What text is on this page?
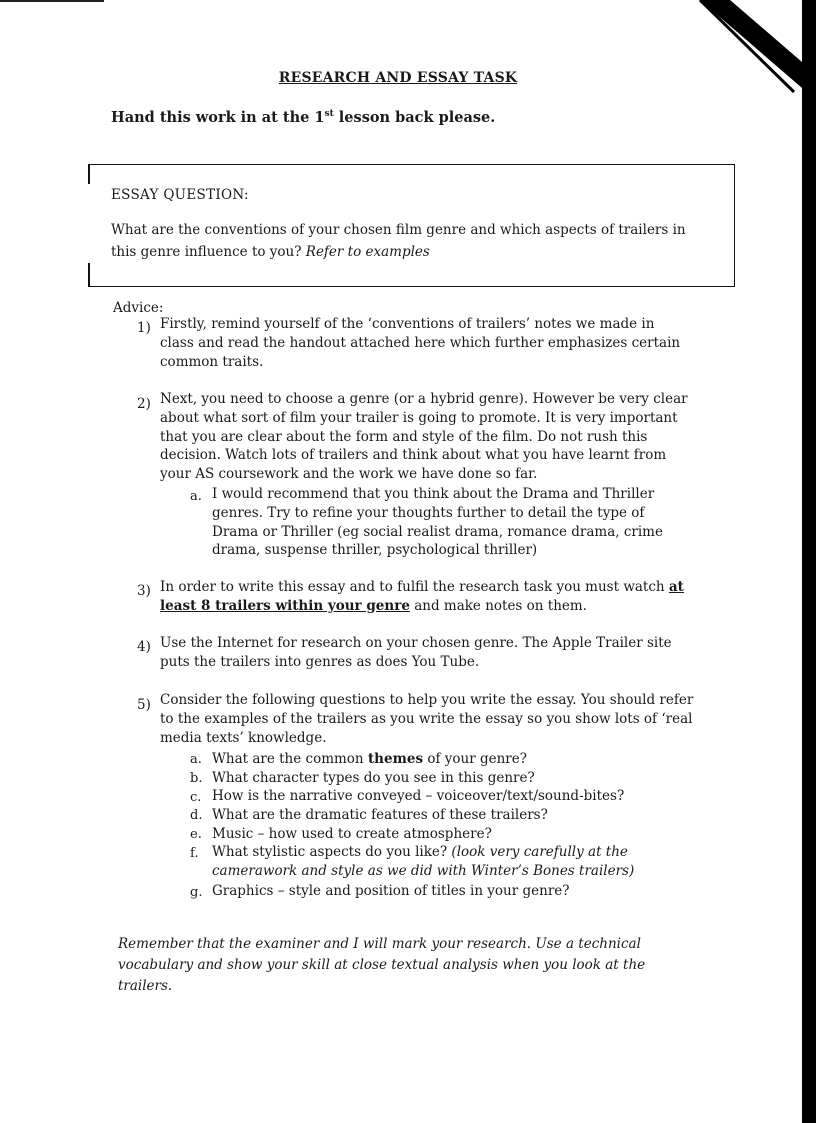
RESEARCH AND ESSAY TASK
Hand this work in at the 1st lesson back please.
ESSAY QUESTION:
What are the conventions of your chosen film genre and which aspects of trailers in this genre influence to you? Refer to examples
Advice:
1) Firstly, remind yourself of the ‘conventions of trailers’ notes we made in class and read the handout attached here which further emphasizes certain common traits.
2) Next, you need to choose a genre (or a hybrid genre). However be very clear about what sort of film your trailer is going to promote. It is very important that you are clear about the form and style of the film. Do not rush this decision. Watch lots of trailers and think about what you have learnt from your AS coursework and the work we have done so far.
a. I would recommend that you think about the Drama and Thriller genres. Try to refine your thoughts further to detail the type of Drama or Thriller (eg social realist drama, romance drama, crime drama, suspense thriller, psychological thriller)
3) In order to write this essay and to fulfil the research task you must watch at least 8 trailers within your genre and make notes on them.
4) Use the Internet for research on your chosen genre. The Apple Trailer site puts the trailers into genres as does You Tube.
5) Consider the following questions to help you write the essay. You should refer to the examples of the trailers as you write the essay so you show lots of ‘real media texts’ knowledge.
a. What are the common themes of your genre?
b. What character types do you see in this genre?
c. How is the narrative conveyed – voiceover/text/sound-bites?
d. What are the dramatic features of these trailers?
e. Music – how used to create atmosphere?
f. What stylistic aspects do you like? (look very carefully at the camerawork and style as we did with Winter’s Bones trailers)
g. Graphics – style and position of titles in your genre?
Remember that the examiner and I will mark your research. Use a technical vocabulary and show your skill at close textual analysis when you look at the trailers.
